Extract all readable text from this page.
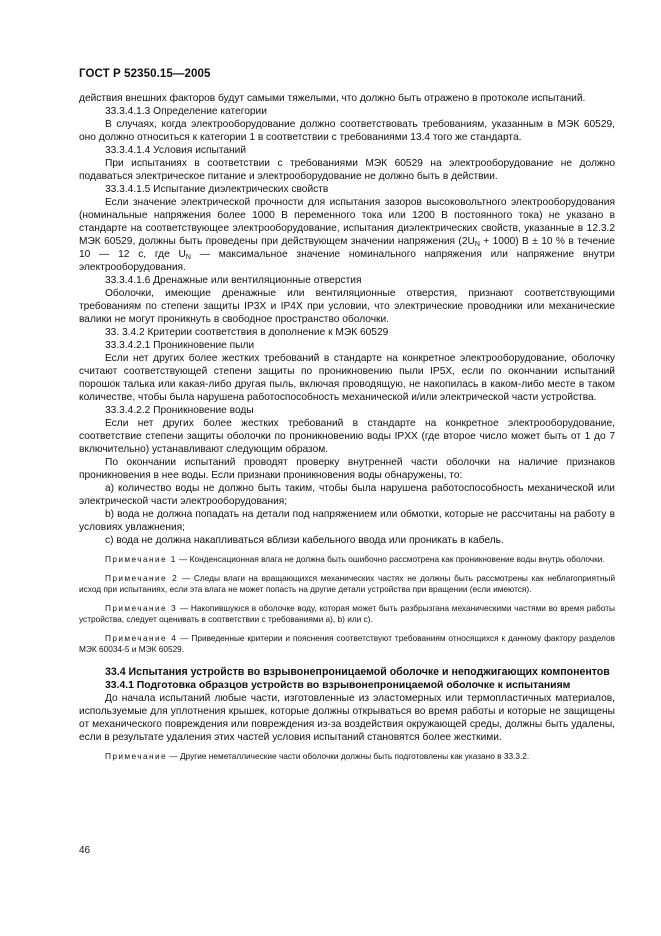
ГОСТ Р 52350.15—2005

действия внешних факторов будут самыми тяжелыми, что должно быть отражено в протоколе испытаний.

33.3.4.1.3 Определение категории

В случаях, когда электрооборудование должно соответствовать требованиям, указанным в МЭК 60529, оно должно относиться к категории 1 в соответствии с требованиями 13.4 того же стандарта.

33.3.4.1.4 Условия испытаний

При испытаниях в соответствии с требованиями МЭК 60529 на электрооборудование не должно подаваться электрическое питание и электрооборудование не должно быть в действии.

33.3.4.1.5 Испытание диэлектрических свойств

Если значение электрической прочности для испытания зазоров высоковольтного электрооборудования (номинальные напряжения более 1000 В переменного тока или 1200 В постоянного тока) не указано в стандарте на соответствующее электрооборудование, испытания диэлектрических свойств, указанные в 12.3.2 МЭК 60529, должны быть проведены при действующем значении напряжения $(2U_N + 1000) В \pm 10$ % в течение 10 — 12 с, где $U_N$ — максимальное значение номинального напряжения или напряжение внутри электрооборудования.

33.3.4.1.6 Дренажные или вентиляционные отверстия

Оболочки, имеющие дренажные или вентиляционные отверстия, признают соответствующими требованиям по степени защиты IP3X и IP4X при условии, что электрические проводники или механические валики не могут проникнуть в свободное пространство оболочки.

33. 3.4.2 Критерии соответствия в дополнение к МЭК 60529

33.3.4.2.1 Проникновение пыли

Если нет других более жестких требований в стандарте на конкретное электрооборудование, оболочку считают соответствующей степени защиты по проникновению пыли IP5X, если по окончании испытаний порошок талька или какая-либо другая пыль, включая проводящую, не накопилась в каком-либо месте в таком количестве, чтобы была нарушена работоспособность механической и/или электрической части устройства.

33.3.4.2.2 Проникновение воды

Если нет других более жестких требований в стандарте на конкретное электрооборудование, соответствие степени защиты оболочки по проникновению воды IPXX (где второе число может быть от 1 до 7 включительно) устанавливают следующим образом.

По окончании испытаний проводят проверку внутренней части оболочки на наличие признаков проникновения в нее воды. Если признаки проникновения воды обнаружены, то:

а) количество воды не должно быть таким, чтобы была нарушена работоспособность механической или электрической части электрооборудования;

b) вода не должна попадать на детали под напряжением или обмотки, которые не рассчитаны на работу в условиях увлажнения;

c) вода не должна накапливаться вблизи кабельного ввода или проникать в кабель.

Примечание 1 — Конденсационная влага не должна быть ошибочно рассмотрена как проникновение воды внутрь оболочки.

Примечание 2 — Следы влаги на вращающихся механических частях не должны быть рассмотрены как неблагоприятный исход при испытаниях, если эта влага не может попасть на другие детали устройства при вращении (если имеются).

Примечание 3 — Накопившуюся в оболочке воду, которая может быть разбрызгана механическими частями во время работы устройства, следует оценивать в соответствии с требованиями а), b) или c).

Примечание 4 — Приведенные критерии и пояснения соответствуют требованиям относящихся к данному фактору разделов МЭК 60034-5 и МЭК 60529.

33.4 Испытания устройств во взрывонепроницаемой оболочке и неподжигающих компонентов

33.4.1 Подготовка образцов устройств во взрывонепроницаемой оболочке к испытаниям

До начала испытаний любые части, изготовленные из эластомерных или термопластичных материалов, используемые для уплотнения крышек, которые должны открываться во время работы и которые не защищены от механического повреждения или повреждения из-за воздействия окружающей среды, должны быть удалены, если в результате удаления этих частей условия испытаний становятся более жесткими.

Примечание — Другие неметаллические части оболочки должны быть подготовлены как указано в 33.3.2.

46
